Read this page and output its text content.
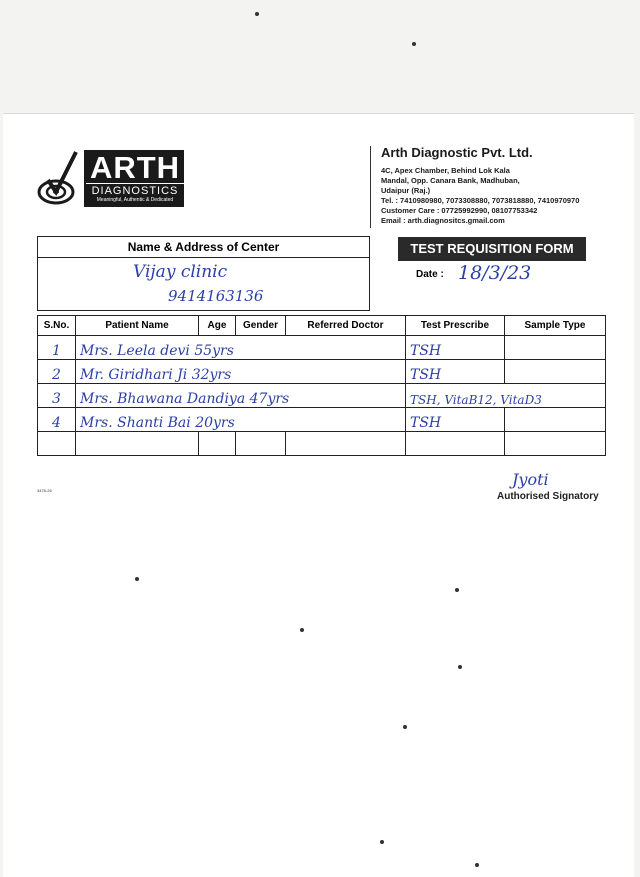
ARTH
DIAGNOSTICS
Meaningful, Authentic & Dedicated
Arth Diagnostic Pvt. Ltd.
4C, Apex Chamber, Behind Lok Kala
Mandal, Opp. Canara Bank, Madhuban,
Udaipur (Raj.)
Tel. : 7410980980, 7073308880, 7073818880, 7410970970
Customer Care : 07725992990, 08107753342
Email : arth.diagnositcs.gmail.com
Name & Address of Center
Vijay clinic
9414163136
TEST REQUISITION FORM
Date : 18/3/23
S.No.	Patient Name	Age	Gender	Referred Doctor	Test Prescribe	Sample Type
1	Mrs. Leela devi 55yrs				TSH	
2	Mr. Giridhari Ji 32yrs				TSH	
3	Mrs. Bhawana Dandiya 47yrs				TSH, VitaB12, VitaD3	
4	Mrs. Shanti Bai 20yrs				TSH	

3478-26
Jyoti
Authorised Signatory
